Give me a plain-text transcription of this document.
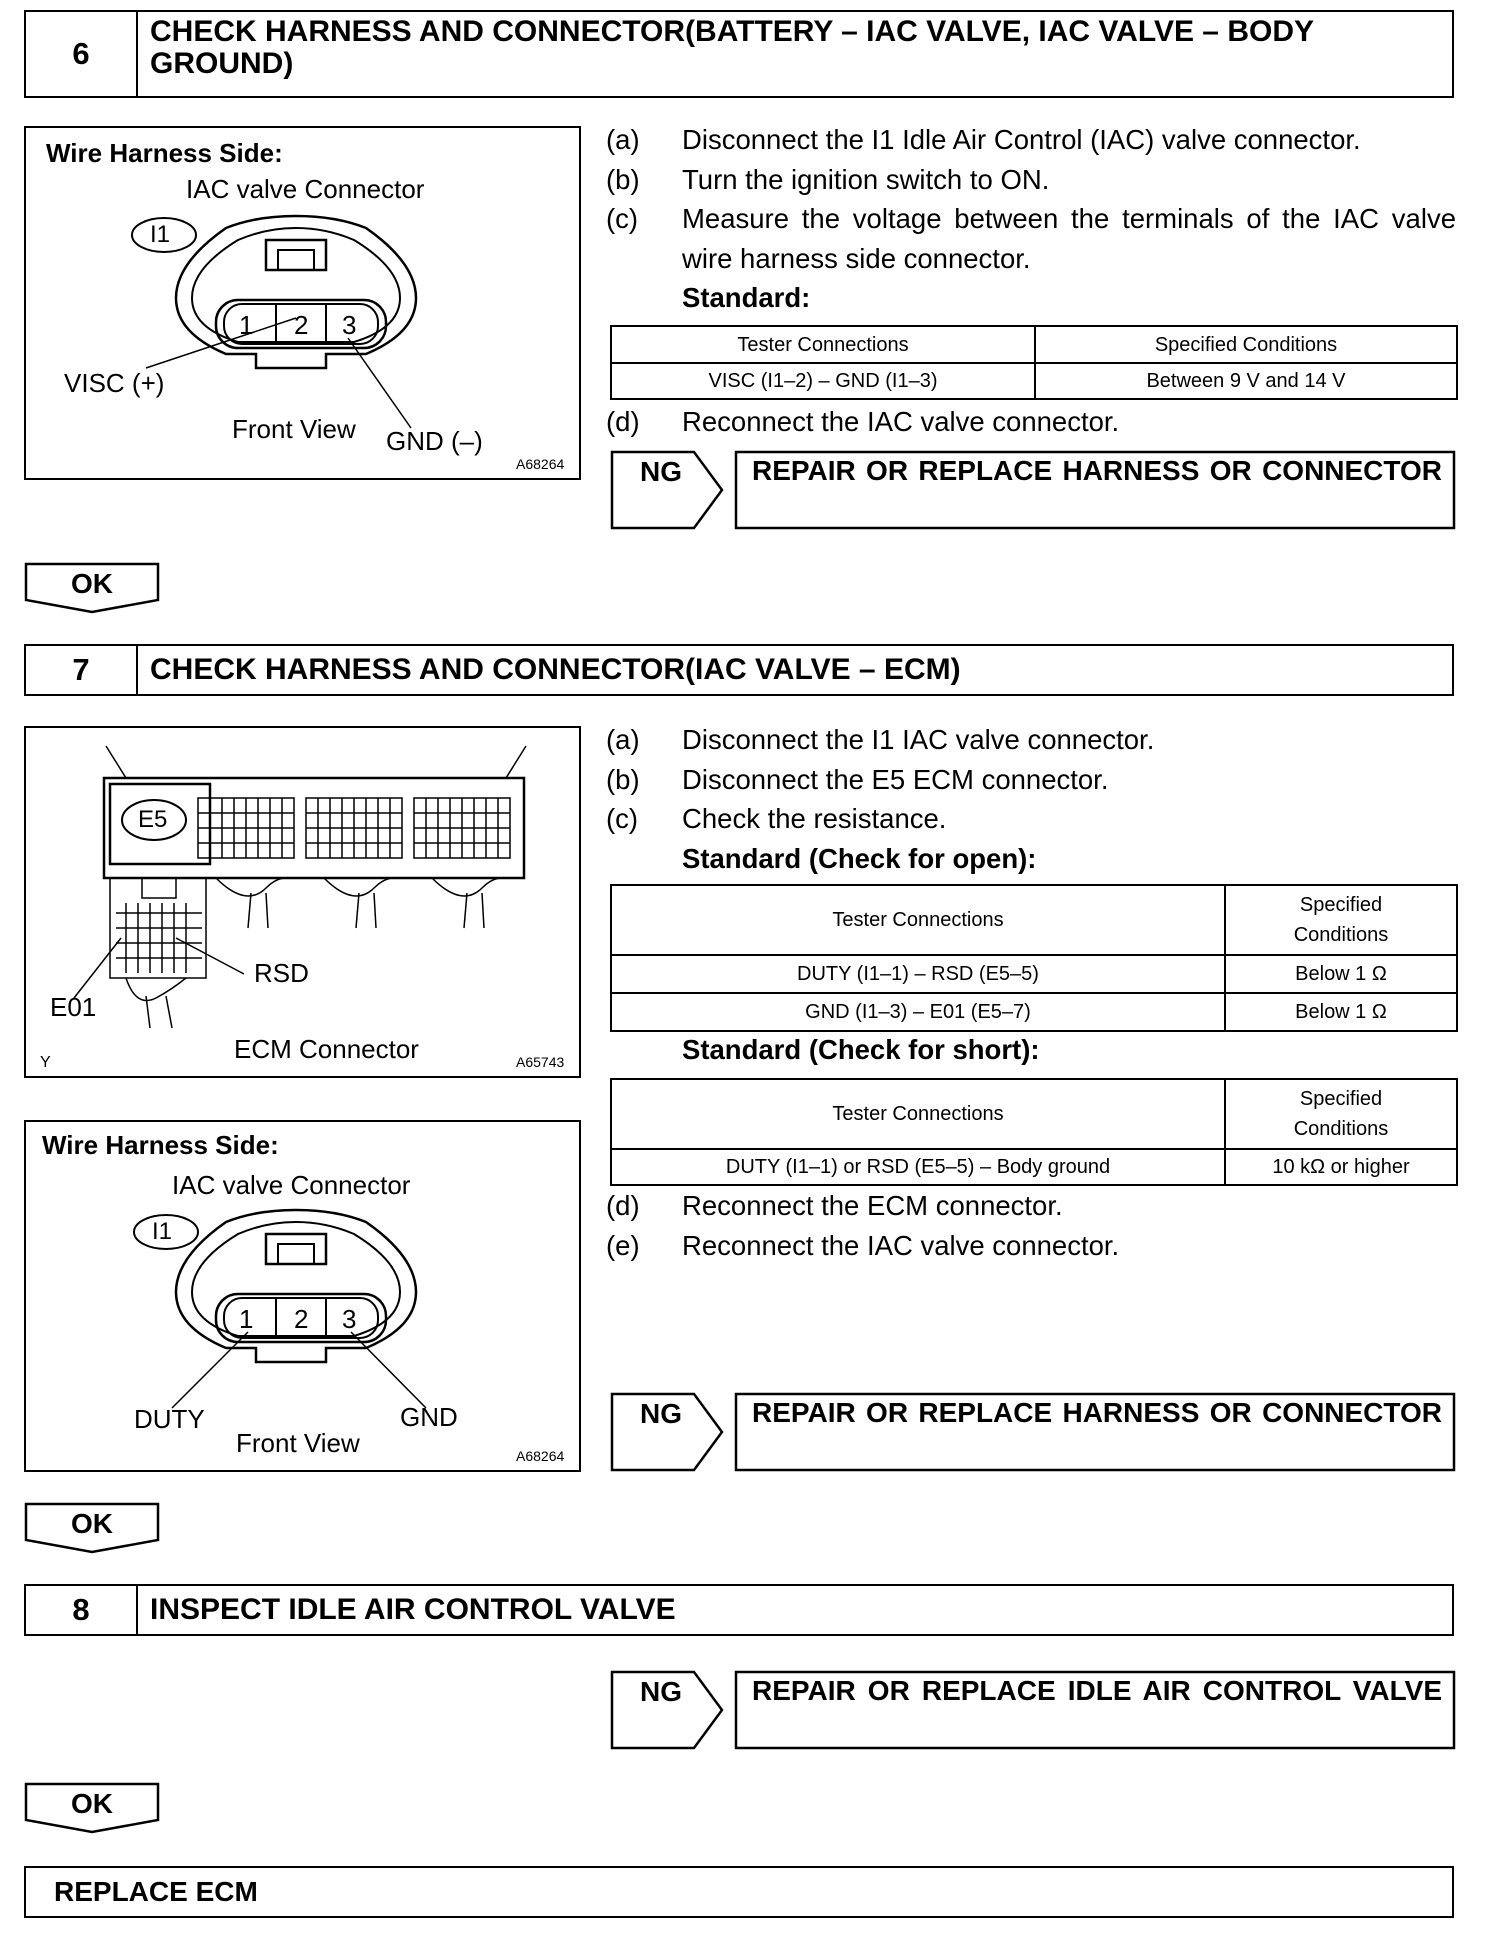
6
CHECK HARNESS AND CONNECTOR(BATTERY – IAC VALVE, IAC VALVE – BODY GROUND)
Wire Harness Side:
IAC valve Connector
1 2 3
I1
VISC (+)
Front View GND (–)
A68264
(a) Disconnect the I1 Idle Air Control (IAC) valve connector.
(b) Turn the ignition switch to ON.
(c) Measure the voltage between the terminals of the IAC valve wire harness side connector.
Standard:
Tester Connections	Specified Conditions
VISC (I1–2) – GND (I1–3)	Between 9 V and 14 V
(d) Reconnect the IAC valve connector.
NG	REPAIR OR REPLACE HARNESS OR CONNECTOR
OK
7	CHECK HARNESS AND CONNECTOR(IAC VALVE – ECM)
E5
RSD
E01
ECM Connector
Y	A65743
Wire Harness Side:
IAC valve Connector
1 2 3
I1
DUTY	GND
Front View	A68264
(a) Disconnect the I1 IAC valve connector.
(b) Disconnect the E5 ECM connector.
(c) Check the resistance.
Standard (Check for open):
Tester Connections	Specified Conditions

DUTY (I1–1) – RSD (E5–5)	Below 1 Ω
GND (I1–3) – E01 (E5–7)	Below 1 Ω
Standard (Check for short):
Tester Connections	Specified Conditions

DUTY (I1–1) or RSD (E5–5) – Body ground	10 kΩ or higher
(d) Reconnect the ECM connector.
(e) Reconnect the IAC valve connector.
NG	REPAIR OR REPLACE HARNESS OR CONNECTOR
OK
8	INSPECT IDLE AIR CONTROL VALVE
NG	REPAIR OR REPLACE IDLE AIR CONTROL VALVE
OK
REPLACE ECM
